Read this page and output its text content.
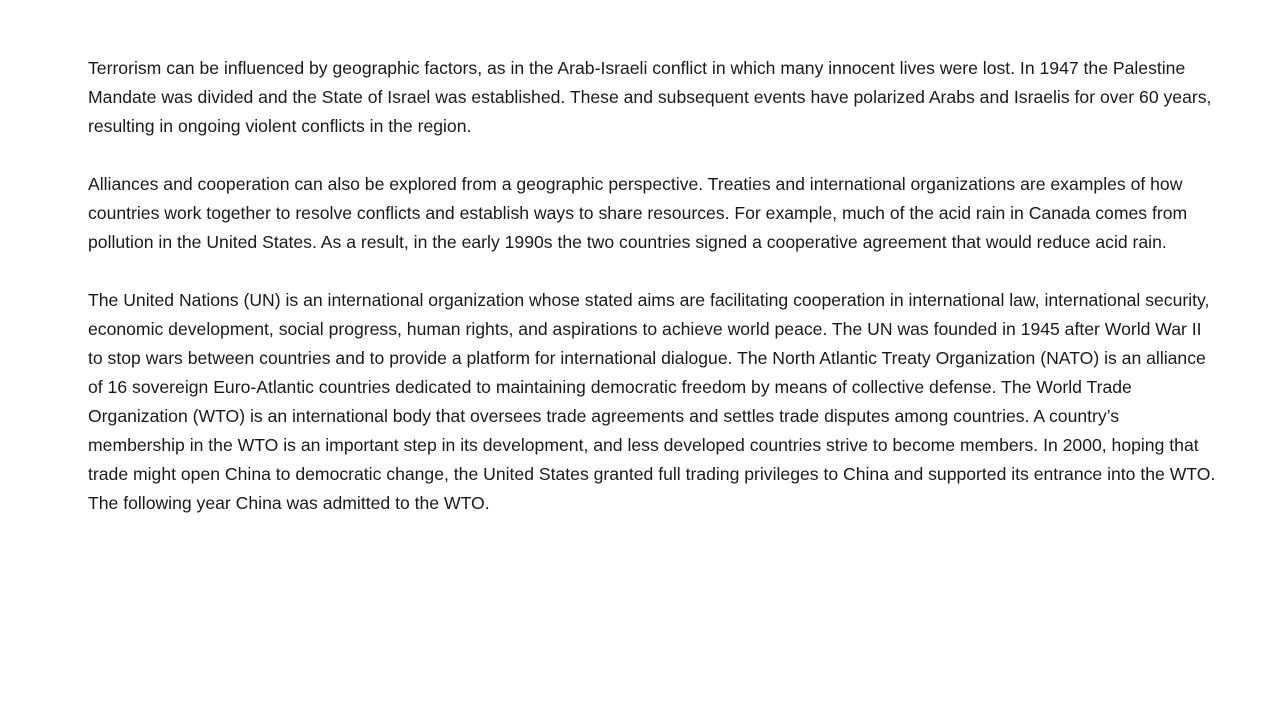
Terrorism can be influenced by geographic factors, as in the Arab-Israeli conflict in which many innocent lives were lost. In 1947 the Palestine Mandate was divided and the State of Israel was established. These and subsequent events have polarized Arabs and Israelis for over 60 years, resulting in ongoing violent conflicts in the region.

Alliances and cooperation can also be explored from a geographic perspective. Treaties and international organizations are examples of how countries work together to resolve conflicts and establish ways to share resources. For example, much of the acid rain in Canada comes from pollution in the United States. As a result, in the early 1990s the two countries signed a cooperative agreement that would reduce acid rain.

The United Nations (UN) is an international organization whose stated aims are facilitating cooperation in international law, international security, economic development, social progress, human rights, and aspirations to achieve world peace. The UN was founded in 1945 after World War II to stop wars between countries and to provide a platform for international dialogue. The North Atlantic Treaty Organization (NATO) is an alliance of 16 sovereign Euro-Atlantic countries dedicated to maintaining democratic freedom by means of collective defense. The World Trade Organization (WTO) is an international body that oversees trade agreements and settles trade disputes among countries. A country’s membership in the WTO is an important step in its development, and less developed countries strive to become members. In 2000, hoping that trade might open China to democratic change, the United States granted full trading privileges to China and supported its entrance into the WTO. The following year China was admitted to the WTO.
